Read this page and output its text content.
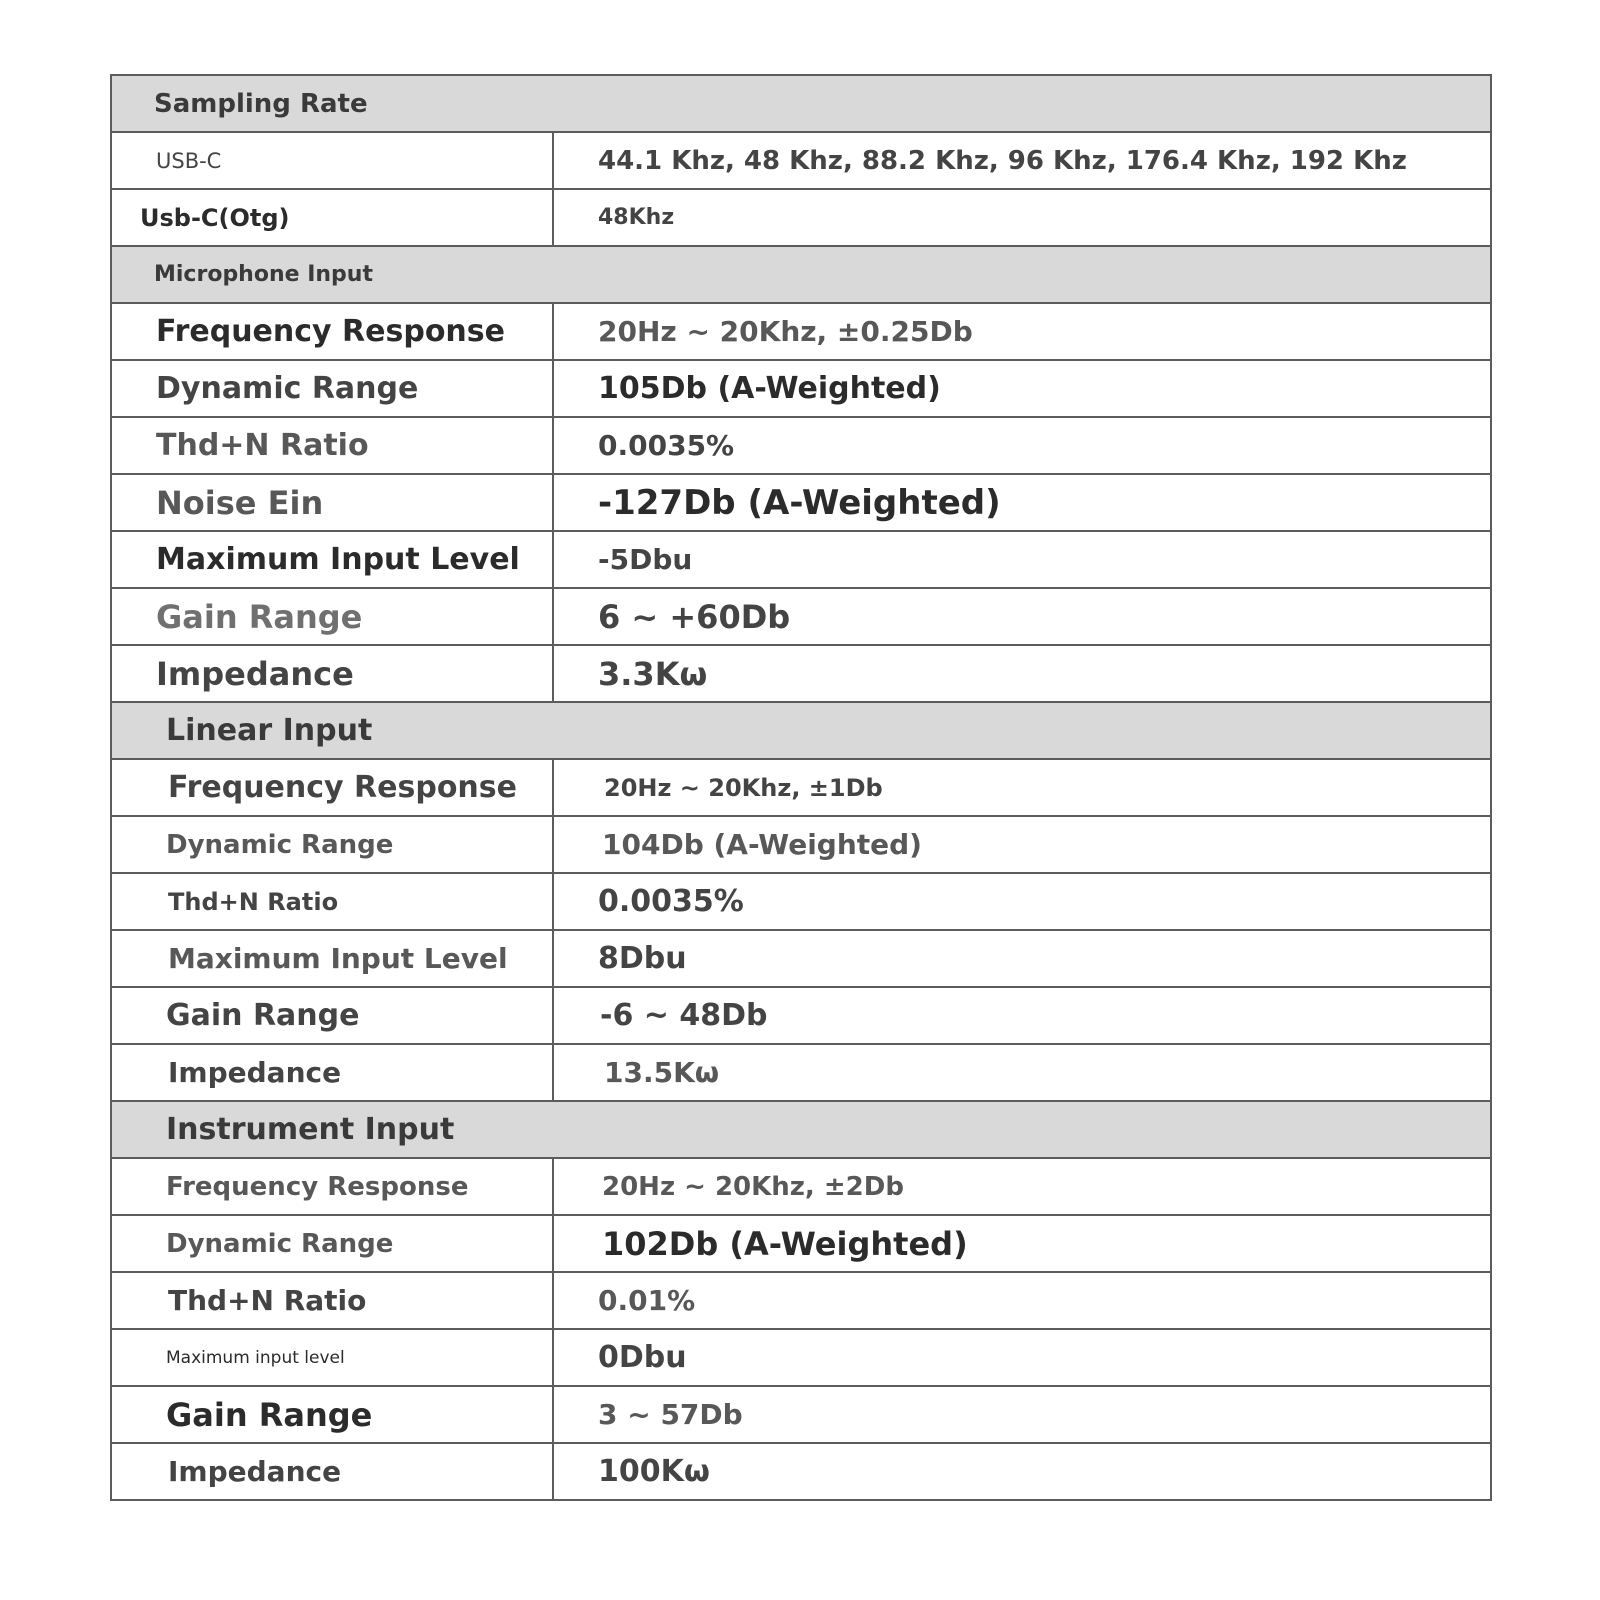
Sampling Rate	
USB-C	44.1 Khz, 48 Khz, 88.2 Khz, 96 Khz, 176.4 Khz, 192 Khz
Usb-C(Otg)	48Khz
Microphone Input	
Frequency Response	20Hz ~ 20Khz, ±0.25Db
Dynamic Range	105Db (A-Weighted)
Thd+N Ratio	0.0035%
Noise Ein	-127Db (A-Weighted)
Maximum Input Level	-5Dbu
Gain Range	6 ~ +60Db
Impedance	3.3Kω
Linear Input	
Frequency Response	20Hz ~ 20Khz, ±1Db
Dynamic Range	104Db (A-Weighted)
Thd+N Ratio	0.0035%
Maximum Input Level	8Dbu
Gain Range	-6 ~ 48Db
Impedance	13.5Kω
Instrument Input	
Frequency Response	20Hz ~ 20Khz, ±2Db
Dynamic Range	102Db (A-Weighted)
Thd+N Ratio	0.01%
Maximum input level	0Dbu
Gain Range	3 ~ 57Db
Impedance	100Kω
